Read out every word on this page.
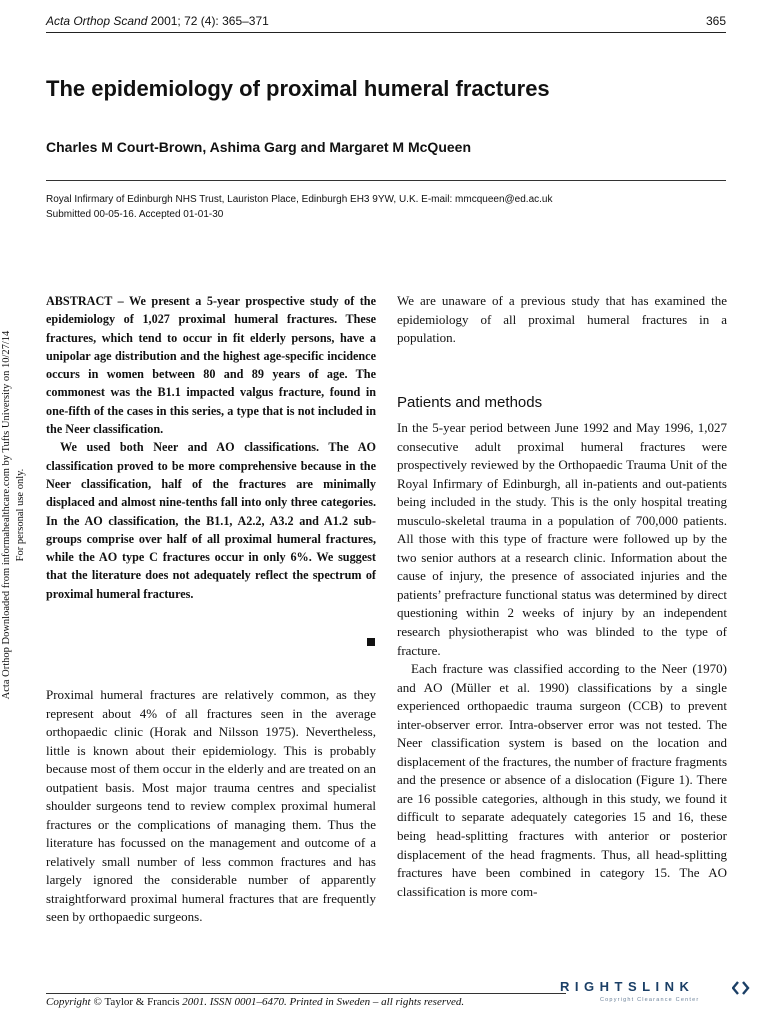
Acta Orthop Scand 2001; 72 (4): 365–371	365
The epidemiology of proximal humeral fractures
Charles M Court-Brown, Ashima Garg and Margaret M McQueen
Royal Infirmary of Edinburgh NHS Trust, Lauriston Place, Edinburgh EH3 9YW, U.K. E-mail: mmcqueen@ed.ac.uk
Submitted 00-05-16. Accepted 01-01-30
Acta Orthop Downloaded from informahealthcare.com by Tufts University on 10/27/14 For personal use only.

ABSTRACT – We present a 5-year prospective study of the epidemiology of 1,027 proximal humeral fractures. These fractures, which tend to occur in fit elderly persons, have a unipolar age distribution and the highest age-specific incidence occurs in women between 80 and 89 years of age. The commonest was the B1.1 impacted valgus fracture, found in one-fifth of the cases in this series, a type that is not included in the Neer classification.

We used both Neer and AO classifications. The AO classification proved to be more comprehensive because in the Neer classification, half of the fractures are minimally displaced and almost nine-tenths fall into only three categories. In the AO classification, the B1.1, A2.2, A3.2 and A1.2 sub-groups comprise over half of all proximal humeral fractures, while the AO type C fractures occur in only 6%. We suggest that the literature does not adequately reflect the spectrum of proximal humeral fractures.

Proximal humeral fractures are relatively common, as they represent about 4% of all fractures seen in the average orthopaedic clinic (Horak and Nilsson 1975). Nevertheless, little is known about their epidemiology. This is probably because most of them occur in the elderly and are treated on an outpatient basis. Most major trauma centres and specialist shoulder surgeons tend to review complex proximal humeral fractures or the complications of managing them. Thus the literature has focussed on the management and outcome of a relatively small number of less common fractures and has largely ignored the considerable number of apparently straightforward proximal humeral fractures that are frequently seen by orthopaedic surgeons.

We are unaware of a previous study that has examined the epidemiology of all proximal humeral fractures in a population.

Patients and methods

In the 5-year period between June 1992 and May 1996, 1,027 consecutive adult proximal humeral fractures were prospectively reviewed by the Orthopaedic Trauma Unit of the Royal Infirmary of Edinburgh, all in-patients and out-patients being included in the study. This is the only hospital treating musculo-skeletal trauma in a population of 700,000 patients. All those with this type of fracture were followed up by the two senior authors at a research clinic. Information about the cause of injury, the presence of associated injuries and the patients’ prefracture functional status was determined by direct questioning within 2 weeks of injury by an independent research physiotherapist who was blinded to the type of fracture.

Each fracture was classified according to the Neer (1970) and AO (Müller et al. 1990) classifications by a single experienced orthopaedic trauma surgeon (CCB) to prevent inter-observer error. Intra-observer error was not tested. The Neer classification system is based on the location and displacement of the fractures, the number of fracture fragments and the presence or absence of a dislocation (Figure 1). There are 16 possible categories, although in this study, we found it difficult to separate adequately categories 15 and 16, these being head-splitting fractures with anterior or posterior displacement of the head fragments. Thus, all head-splitting fractures have been combined in category 15. The AO classification is more com-

Copyright © Taylor & Francis 2001. ISSN 0001–6470. Printed in Sweden – all rights reserved.
RIGHTSLINK
Copyright Clearance Center
